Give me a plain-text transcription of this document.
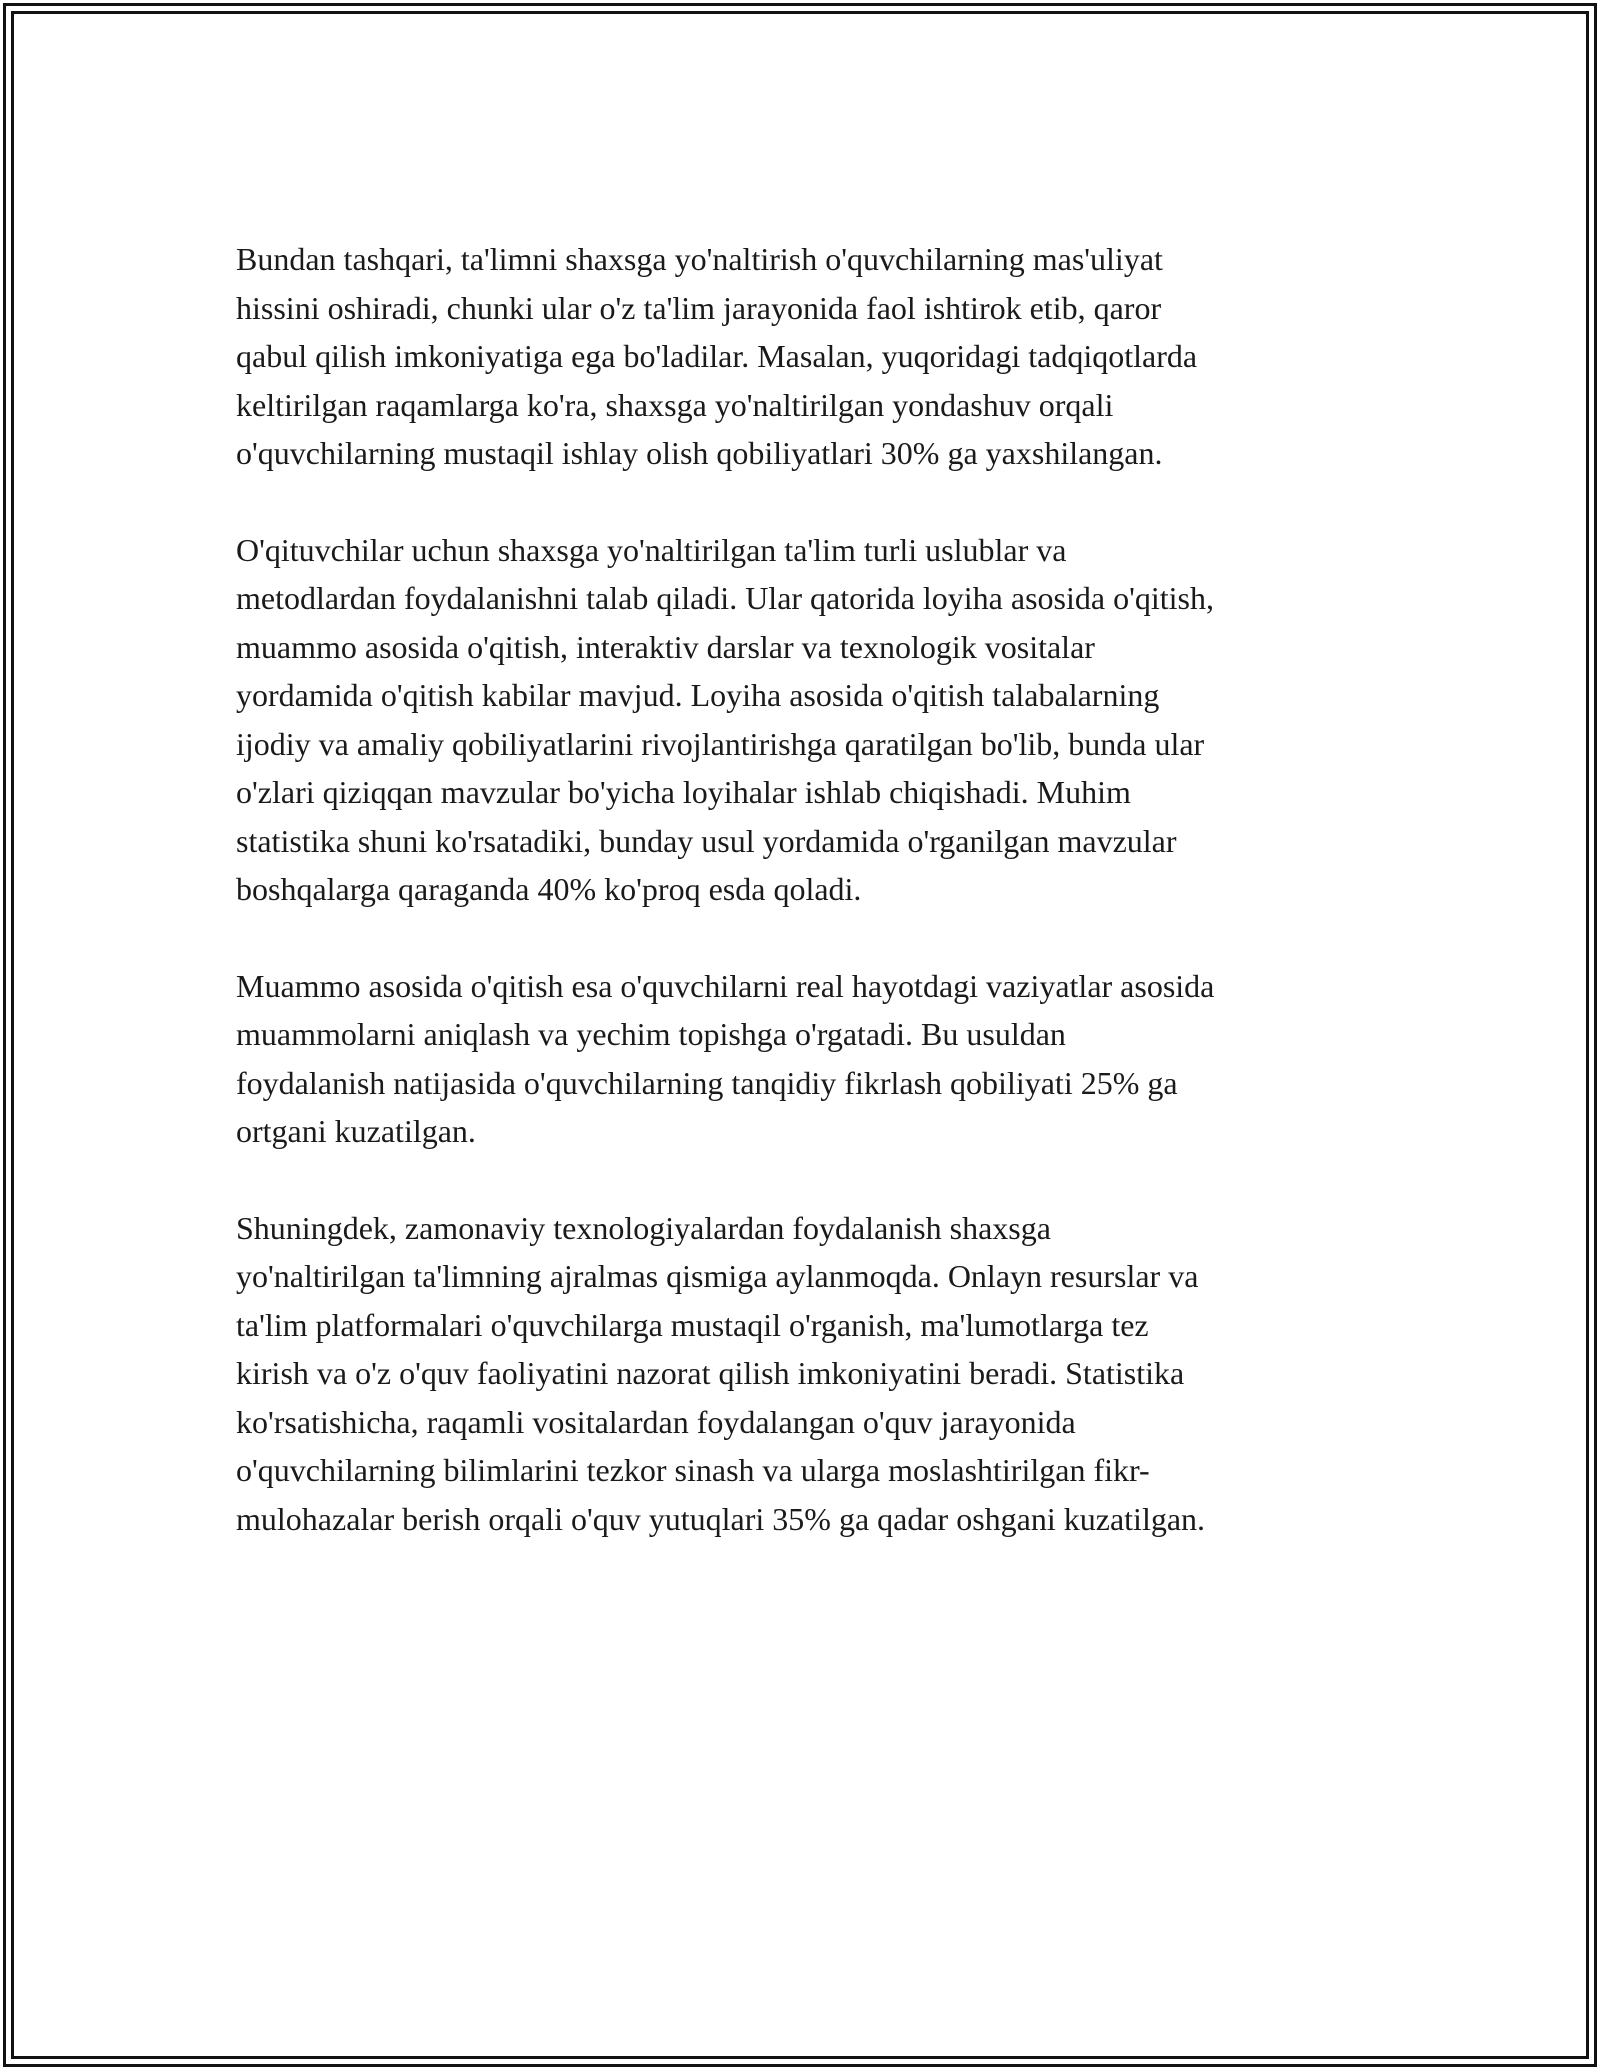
Bundan tashqari, ta'limni shaxsga yo'naltirish o'quvchilarning mas'uliyat
hissini oshiradi, chunki ular o'z ta'lim jarayonida faol ishtirok etib, qaror
qabul qilish imkoniyatiga ega bo'ladilar. Masalan, yuqoridagi tadqiqotlarda
keltirilgan raqamlarga ko'ra, shaxsga yo'naltirilgan yondashuv orqali
o'quvchilarning mustaqil ishlay olish qobiliyatlari 30% ga yaxshilangan.

O'qituvchilar uchun shaxsga yo'naltirilgan ta'lim turli uslublar va
metodlardan foydalanishni talab qiladi. Ular qatorida loyiha asosida o'qitish,
muammo asosida o'qitish, interaktiv darslar va texnologik vositalar
yordamida o'qitish kabilar mavjud. Loyiha asosida o'qitish talabalarning
ijodiy va amaliy qobiliyatlarini rivojlantirishga qaratilgan bo'lib, bunda ular
o'zlari qiziqqan mavzular bo'yicha loyihalar ishlab chiqishadi. Muhim
statistika shuni ko'rsatadiki, bunday usul yordamida o'rganilgan mavzular
boshqalarga qaraganda 40% ko'proq esda qoladi.

Muammo asosida o'qitish esa o'quvchilarni real hayotdagi vaziyatlar asosida
muammolarni aniqlash va yechim topishga o'rgatadi. Bu usuldan
foydalanish natijasida o'quvchilarning tanqidiy fikrlash qobiliyati 25% ga
ortgani kuzatilgan.

Shuningdek, zamonaviy texnologiyalardan foydalanish shaxsga
yo'naltirilgan ta'limning ajralmas qismiga aylanmoqda. Onlayn resurslar va
ta'lim platformalari o'quvchilarga mustaqil o'rganish, ma'lumotlarga tez
kirish va o'z o'quv faoliyatini nazorat qilish imkoniyatini beradi. Statistika
ko'rsatishicha, raqamli vositalardan foydalangan o'quv jarayonida
o'quvchilarning bilimlarini tezkor sinash va ularga moslashtirilgan fikr-
mulohazalar berish orqali o'quv yutuqlari 35% ga qadar oshgani kuzatilgan.
